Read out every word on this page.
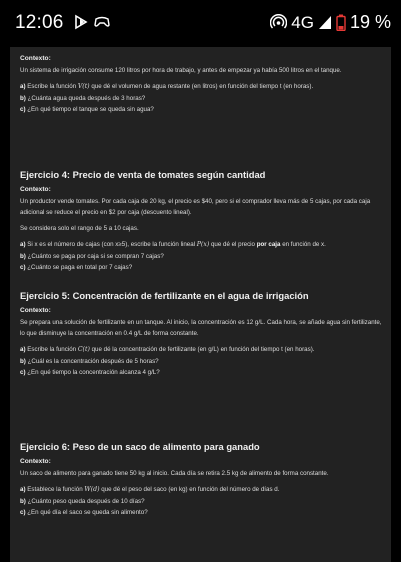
12:06	4G 19 %
Contexto:
Un sistema de irrigación consume 120 litros por hora de trabajo, y antes de empezar ya había 500 litros en el tanque.
a) Escribe la función V(t) que dé el volumen de agua restante (en litros) en función del tiempo t (en horas).
b) ¿Cuánta agua queda después de 3 horas?
c) ¿En qué tiempo el tanque se queda sin agua?
Ejercicio 4: Precio de venta de tomates según cantidad
Contexto:
Un productor vende tomates. Por cada caja de 20 kg, el precio es $40, pero si el comprador lleva más de 5 cajas, por cada caja adicional se reduce el precio en $2 por caja (descuento lineal).
Se considera solo el rango de 5 a 10 cajas.
a) Si x es el número de cajas (con x≥5), escribe la función lineal P(x) que dé el precio por caja en función de x.
b) ¿Cuánto se paga por caja si se compran 7 cajas?
c) ¿Cuánto se paga en total por 7 cajas?
Ejercicio 5: Concentración de fertilizante en el agua de irrigación
Contexto:
Se prepara una solución de fertilizante en un tanque. Al inicio, la concentración es 12 g/L. Cada hora, se añade agua sin fertilizante, lo que disminuye la concentración en 0.4 g/L de forma constante.
a) Escribe la función C(t) que dé la concentración de fertilizante (en g/L) en función del tiempo t (en horas).
b) ¿Cuál es la concentración después de 5 horas?
c) ¿En qué tiempo la concentración alcanza 4 g/L?
Ejercicio 6: Peso de un saco de alimento para ganado
Contexto:
Un saco de alimento para ganado tiene 50 kg al inicio. Cada día se retira 2.5 kg de alimento de forma constante.
a) Establece la función W(d) que dé el peso del saco (en kg) en función del número de días d.
b) ¿Cuánto peso queda después de 10 días?
c) ¿En qué día el saco se queda sin alimento?
